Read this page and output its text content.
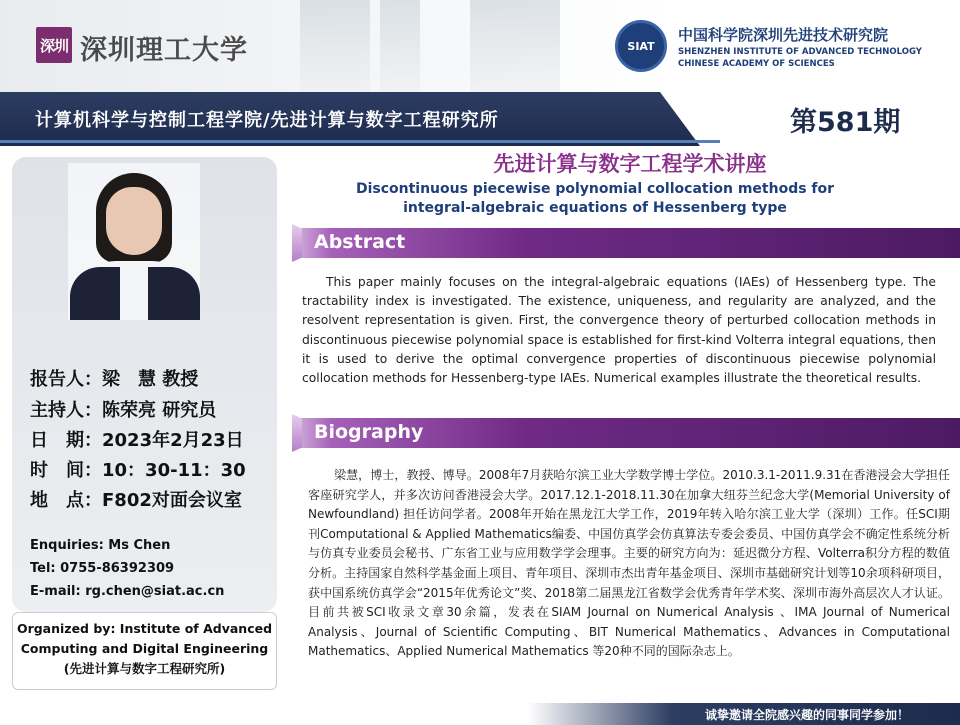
深圳 深圳理工大学	SIAT
中国科学院深圳先进技术研究院
SHENZHEN INSTITUTE OF ADVANCED TECHNOLOGY
CHINESE ACADEMY OF SCIENCES
计算机科学与控制工程学院/先进计算与数字工程研究所	第581期
报告人：梁　慧 教授
主持人：陈荣亮 研究员
日　期：2023年2月23日
时　间：10：30-11：30
地　点：F802对面会议室
Enquiries: Ms Chen
Tel: 0755-86392309
E-mail: rg.chen@siat.ac.cn
Organized by: Institute of Advanced
Computing and Digital Engineering
(先进计算与数字工程研究所)
先进计算与数字工程学术讲座
Discontinuous piecewise polynomial collocation methods for
integral-algebraic equations of Hessenberg type
Abstract
This paper mainly focuses on the integral-algebraic equations (IAEs) of Hessenberg type. The tractability index is investigated. The existence, uniqueness, and regularity are analyzed, and the resolvent representation is given. First, the convergence theory of perturbed collocation methods in discontinuous piecewise polynomial space is established for first-kind Volterra integral equations, then it is used to derive the optimal convergence properties of discontinuous piecewise polynomial collocation methods for Hessenberg-type IAEs. Numerical examples illustrate the theoretical results.
Biography
梁慧，博士，教授、博导。2008年7月获哈尔滨工业大学数学博士学位。2010.3.1-2011.9.31在香港浸会大学担任客座研究学人，并多次访问香港浸会大学。2017.12.1-2018.11.30在加拿大纽芬兰纪念大学(Memorial University of Newfoundland) 担任访问学者。2008年开始在黑龙江大学工作，2019年转入哈尔滨工业大学（深圳）工作。任SCI期刊Computational & Applied Mathematics编委、中国仿真学会仿真算法专委会委员、中国仿真学会不确定性系统分析与仿真专业委员会秘书、广东省工业与应用数学学会理事。主要的研究方向为：延迟微分方程、Volterra积分方程的数值分析。主持国家自然科学基金面上项目、青年项目、深圳市杰出青年基金项目、深圳市基础研究计划等10余项科研项目，获中国系统仿真学会“2015年优秀论文”奖、2018第二届黑龙江省数学会优秀青年学术奖、深圳市海外高层次人才认证。目前共被SCI收录文章30余篇，发表在SIAM Journal on Numerical Analysis 、IMA Journal of Numerical Analysis、Journal of Scientific Computing、BIT Numerical Mathematics、Advances in Computational Mathematics、Applied Numerical Mathematics 等20种不同的国际杂志上。
诚挚邀请全院感兴趣的同事同学参加！
